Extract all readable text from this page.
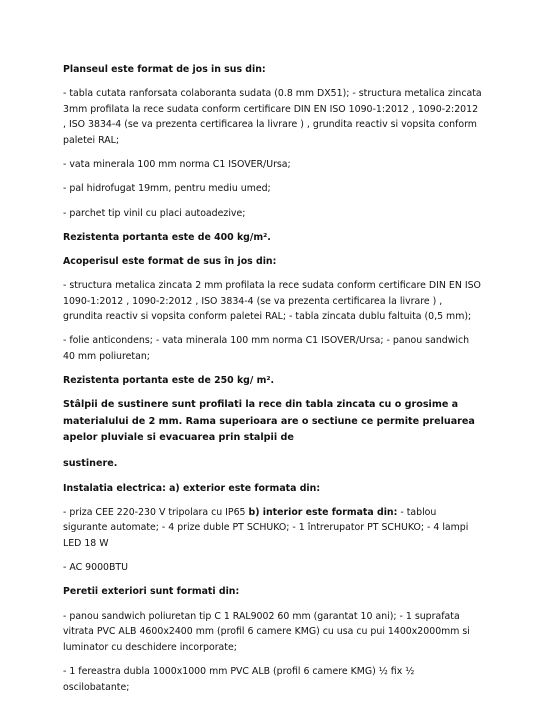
Planseul este format de jos in sus din:
- tabla cutata ranforsata colaboranta sudata (0.8 mm DX51); - structura metalica zincata 3mm profilata la rece sudata conform certificare DIN EN ISO 1090-1:2012 , 1090-2:2012 , ISO 3834-4 (se va prezenta certificarea la livrare ) , grundita reactiv si vopsita conform paletei RAL;
- vata minerala 100 mm norma C1 ISOVER/Ursa;
- pal hidrofugat 19mm, pentru mediu umed;
- parchet tip vinil cu placi autoadezive;
Rezistenta portanta este de 400 kg/m².
Acoperisul este format de sus în jos din:
- structura metalica zincata 2 mm profilata la rece sudata conform certificare DIN EN ISO 1090-1:2012 , 1090-2:2012 , ISO 3834-4 (se va prezenta certificarea la livrare ) , grundita reactiv si vopsita conform paletei RAL; - tabla zincata dublu faltuita (0,5 mm);
- folie anticondens; - vata minerala 100 mm norma C1 ISOVER/Ursa; - panou sandwich 40 mm poliuretan;
Rezistenta portanta este de 250 kg/ m².
Stâlpii de sustinere sunt profilati la rece din tabla zincata cu o grosime a materialului de 2 mm. Rama superioara are o sectiune ce permite preluarea apelor pluviale si evacuarea prin stalpii de
sustinere.
Instalatia electrica: a) exterior este formata din:
- priza CEE 220-230 V tripolara cu IP65 b) interior este formata din: - tablou sigurante automate; - 4 prize duble PT SCHUKO; - 1 întrerupator PT SCHUKO; - 4 lampi LED 18 W
- AC 9000BTU
Peretii exteriori sunt formati din:
- panou sandwich poliuretan tip C 1 RAL9002 60 mm (garantat 10 ani); - 1 suprafata vitrata PVC ALB 4600x2400 mm (profil 6 camere KMG) cu usa cu pui 1400x2000mm si luminator cu deschidere incorporate;
- 1 fereastra dubla 1000x1000 mm PVC ALB (profil 6 camere KMG) ½ fix ½ oscilobatante;
